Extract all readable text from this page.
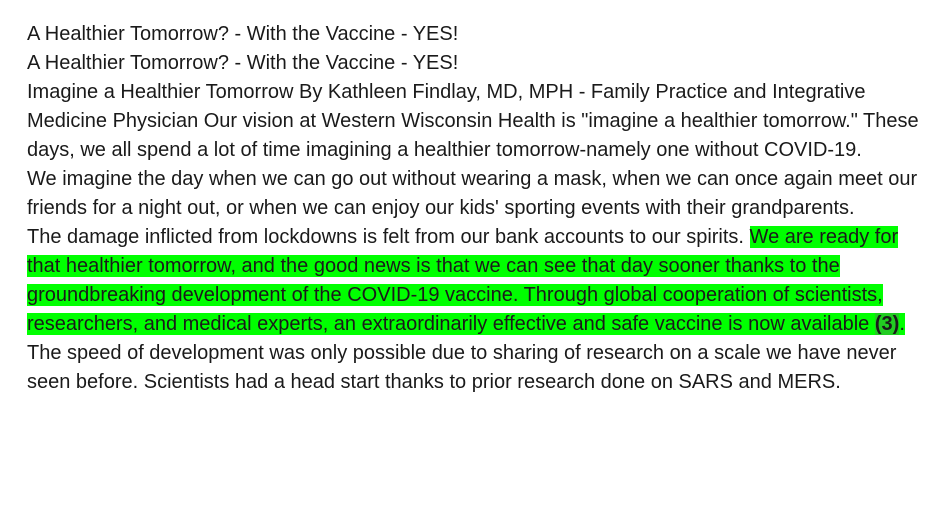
A Healthier Tomorrow? - With the Vaccine - YES!

A Healthier Tomorrow? - With the Vaccine - YES!

Imagine a Healthier Tomorrow By Kathleen Findlay, MD, MPH - Family Practice and Integrative Medicine Physician Our vision at Western Wisconsin Health is "imagine a healthier tomorrow." These days, we all spend a lot of time imagining a healthier tomorrow-namely one without COVID-19.

We imagine the day when we can go out without wearing a mask, when we can once again meet our friends for a night out, or when we can enjoy our kids' sporting events with their grandparents.

The damage inflicted from lockdowns is felt from our bank accounts to our spirits. We are ready for that healthier tomorrow, and the good news is that we can see that day sooner thanks to the groundbreaking development of the COVID-19 vaccine. Through global cooperation of scientists, researchers, and medical experts, an extraordinarily effective and safe vaccine is now available (3).

The speed of development was only possible due to sharing of research on a scale we have never seen before. Scientists had a head start thanks to prior research done on SARS and MERS.
